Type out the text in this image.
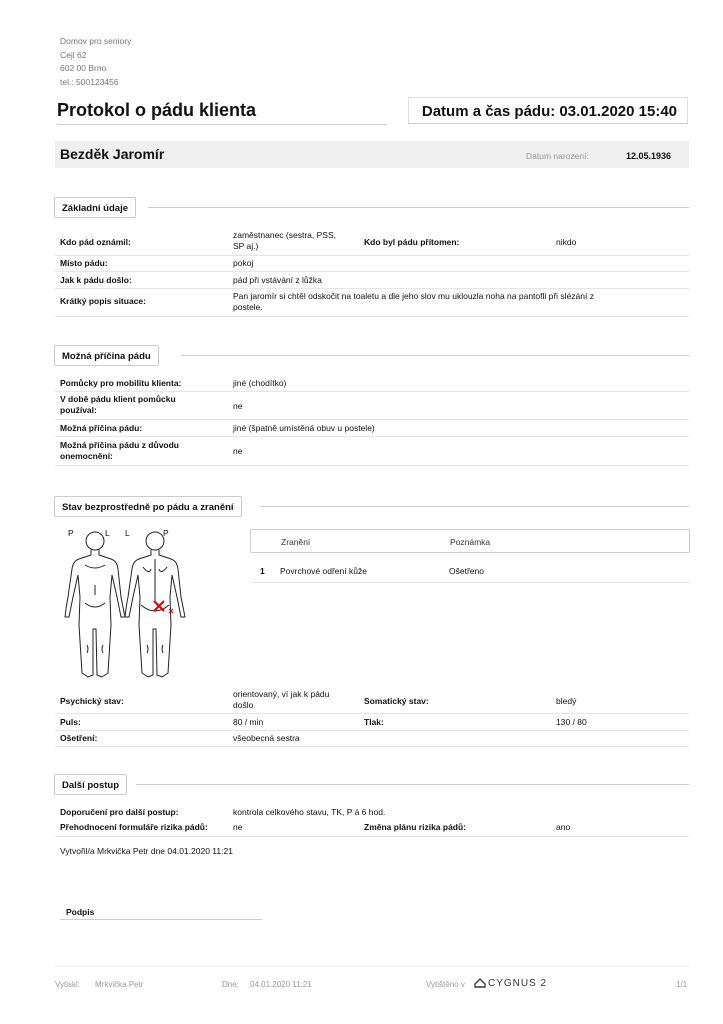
Domov pro seniory
Cejl 62
602 00 Brno
tel.: 500123456
Protokol o pádu klienta	Datum a čas pádu: 03.01.2020 15:40
Bezděk Jaromír	Datum narození:	12.05.1936
Základní údaje
Kdo pád oznámil:
zaměstnanec (sestra, PSS,
SP aj.)	Kdo byl pádu přítomen:	nikdo
Místo pádu:	pokoj
Jak k pádu došlo:	pád při vstávání z lůžka
Krátký popis situace:	Pan jaromír si chtěl odskočit na toaletu a dle jeho slov mu uklouzla noha na pantofli při slézání z
postele.
Možná příčina pádu
Pomůcky pro mobilitu klienta:	jiné (chodítko)
V době pádu klient pomůcku
používal:	ne
Možná příčina pádu:	jiné (špatně umístěná obuv u postele)
Možná příčina pádu z důvodu
onemocnění:	ne
Stav bezprostředně po pádu a zranění
P	L L	P
Zranění	Poznámka
1 Povrchové odření kůže	Ošetřeno
Psychický stav:
orientovaný, ví jak k pádu
došlo	Somatický stav:	bledý
Puls:	80 / min	Tlak:	130 / 80
Ošetření:	všeobecná sestra
Další postup
Doporučení pro další postup:	kontrola celkového stavu, TK, P á 6 hod.
Přehodnocení formuláře rizika pádů:	ne	Změna plánu rizika pádů:	ano
Vytvořil/a Mrkvička Petr dne 04.01.2020 11:21
Podpis
Vytiskl: Mrkvička Petr	Dne: 04.01.2020 11:21	Vytištěno v CYGNUS 2	1/1
